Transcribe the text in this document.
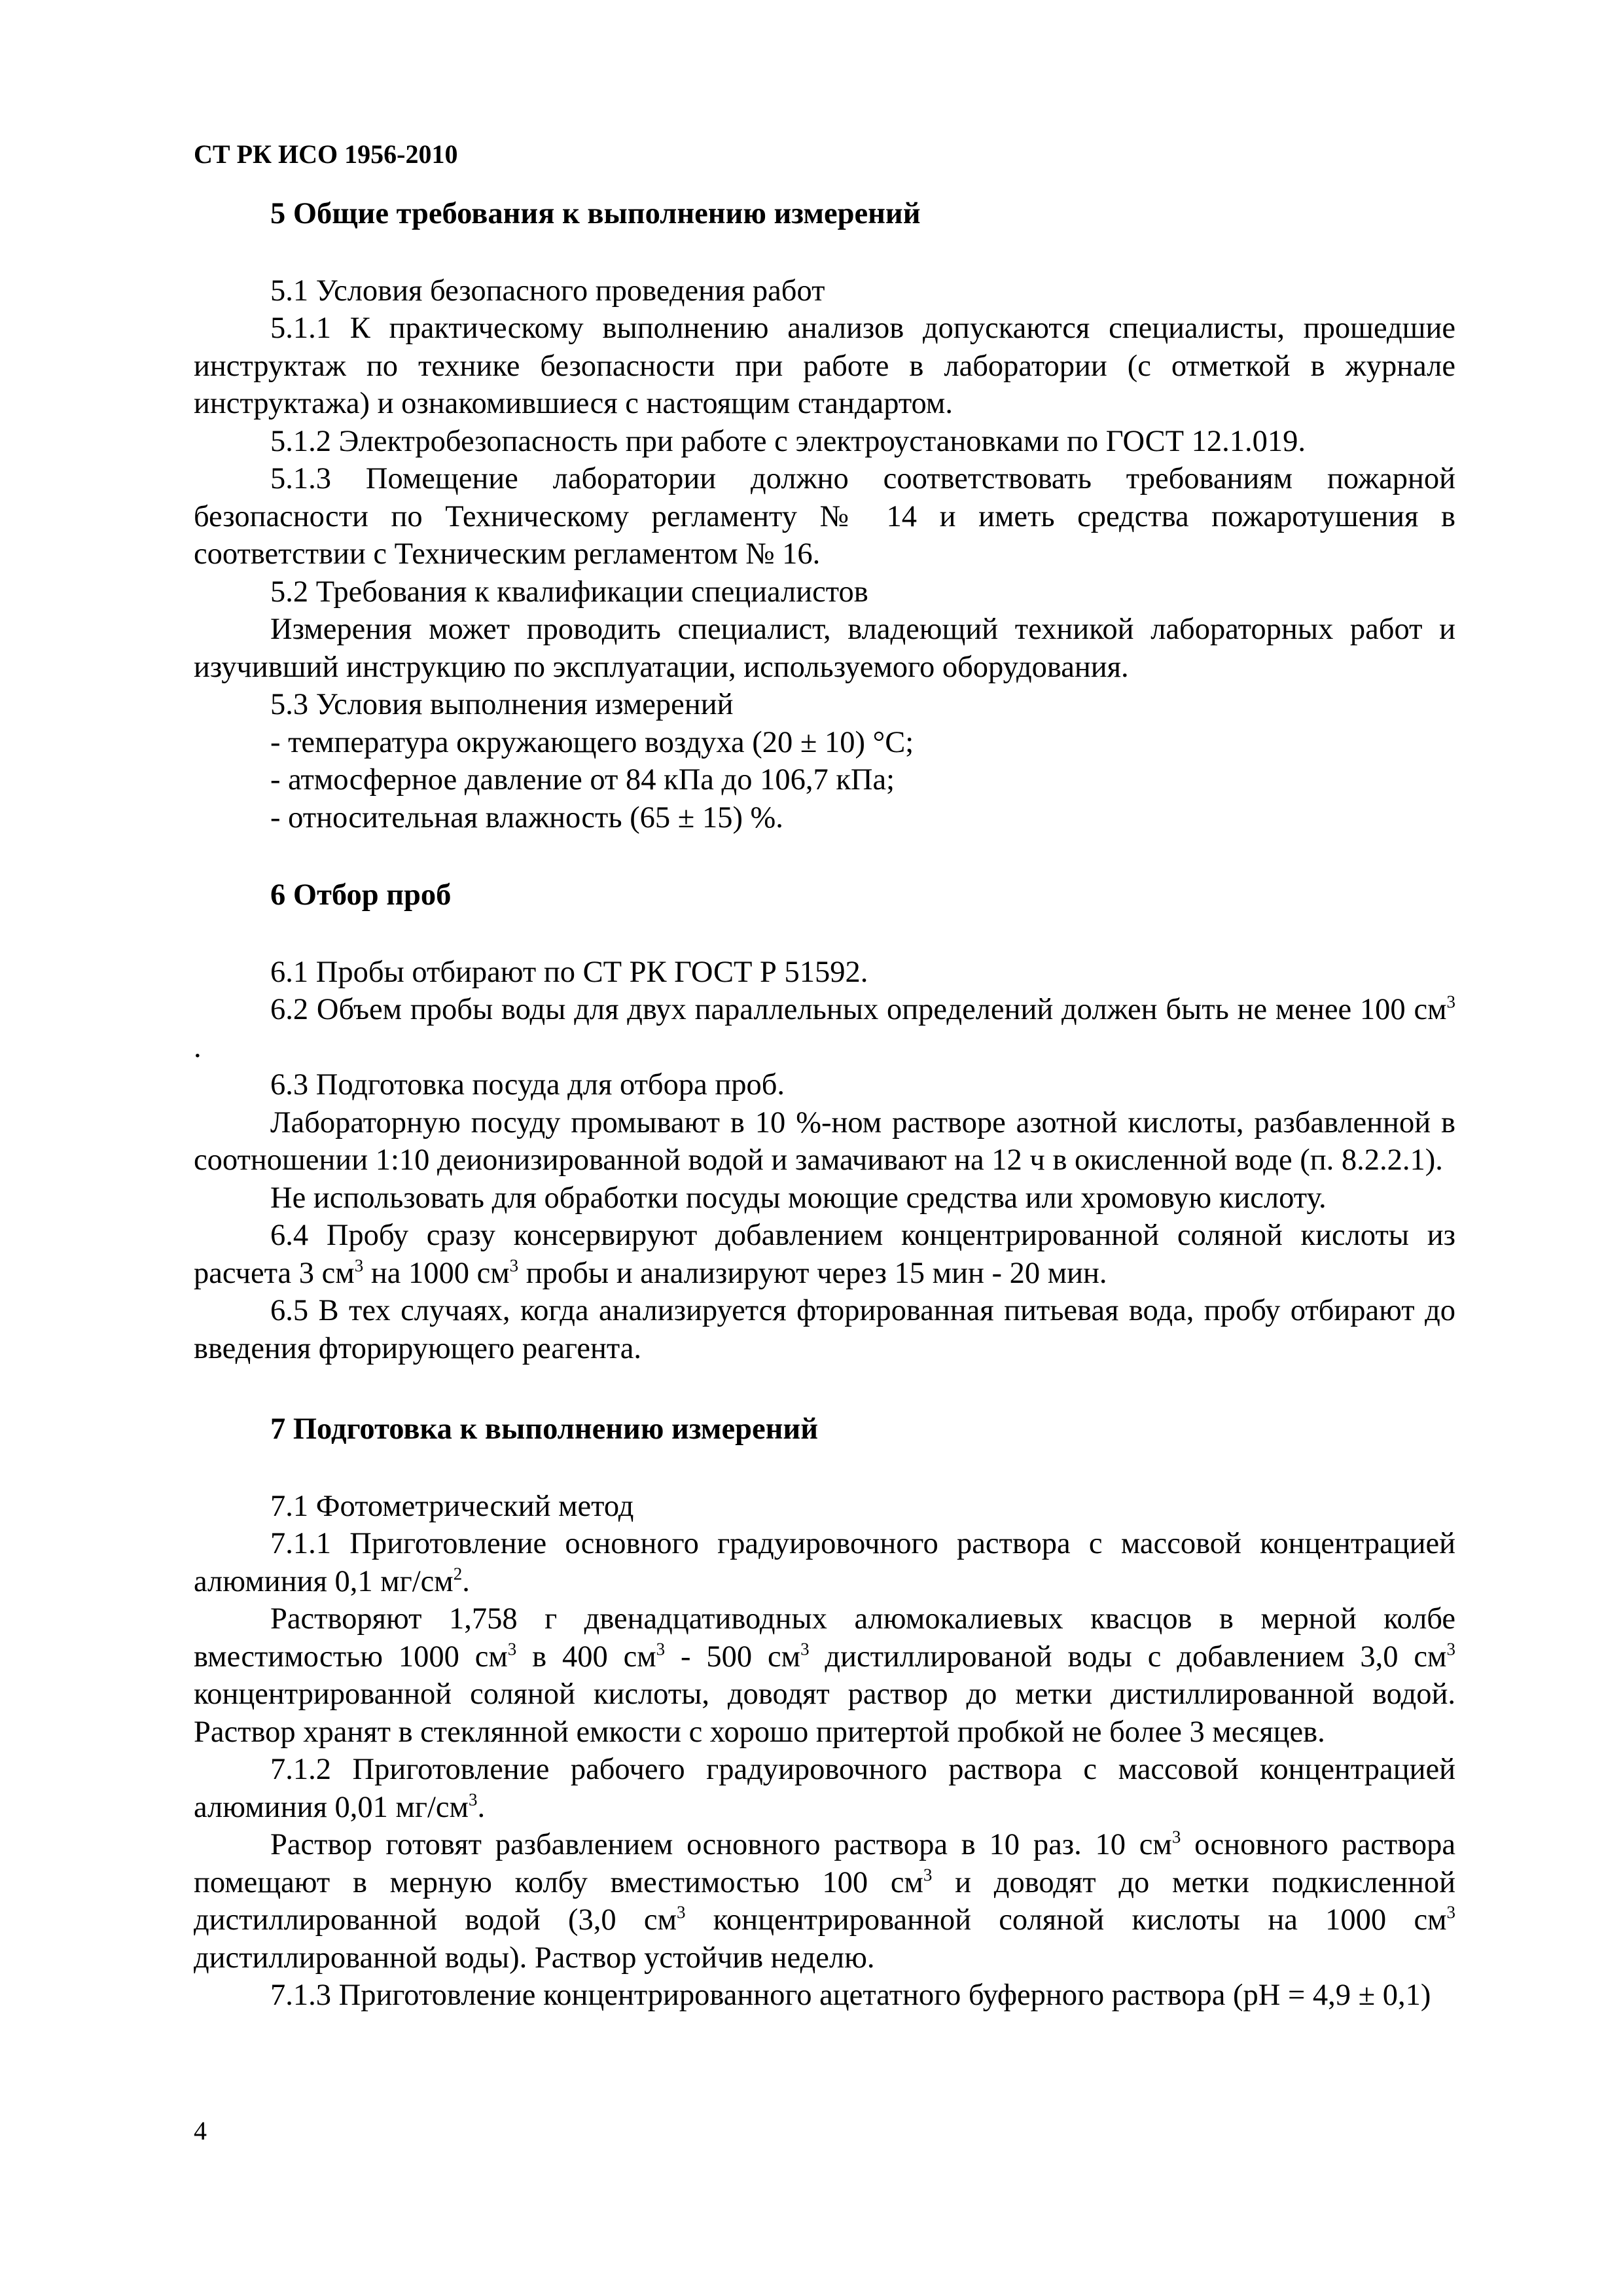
СТ РК ИСО 1956-2010
5 Общие требования к выполнению измерений
5.1 Условия безопасного проведения работ
5.1.1 К практическому выполнению анализов допускаются специалисты, прошедшие инструктаж по технике безопасности при работе в лаборатории (с отметкой в журнале инструктажа) и ознакомившиеся с настоящим стандартом.
5.1.2 Электробезопасность при работе с электроустановками по ГОСТ 12.1.019.
5.1.3 Помещение лаборатории должно соответствовать требованиям пожарной безопасности по Техническому регламенту № 14 и иметь средства пожаротушения в соответствии с Техническим регламентом № 16.
5.2 Требования к квалификации специалистов
Измерения может проводить специалист, владеющий техникой лабораторных работ и изучивший инструкцию по эксплуатации, используемого оборудования.
5.3 Условия выполнения измерений
- температура окружающего воздуха (20 ± 10) °С;
- атмосферное давление от 84 кПа до 106,7 кПа;
- относительная влажность (65 ± 15) %.
6 Отбор проб
6.1 Пробы отбирают по СТ РК ГОСТ Р 51592.
6.2 Объем пробы воды для двух параллельных определений должен быть не менее 100 $см^3$ .
6.3 Подготовка посуда для отбора проб.
Лабораторную посуду промывают в 10 %-ном растворе азотной кислоты, разбавленной в соотношении 1:10 деионизированной водой и замачивают на 12 ч в окисленной воде (п. 8.2.2.1).
Не использовать для обработки посуды моющие средства или хромовую кислоту.
6.4 Пробу сразу консервируют добавлением концентрированной соляной кислоты из расчета 3 $см^3$ на 1000 $см^3$ пробы и анализируют через 15 мин - 20 мин.
6.5 В тех случаях, когда анализируется фторированная питьевая вода, пробу отбирают до введения фторирующего реагента.
7 Подготовка к выполнению измерений
7.1 Фотометрический метод
7.1.1 Приготовление основного градуировочного раствора с массовой концентрацией алюминия 0,1 $мг/см^2$.
Растворяют 1,758 г двенадцативодных алюмокалиевых квасцов в мерной колбе вместимостью 1000 $см^3$ в 400 $см^3 - 500$ $см^3$ дистиллированой воды с добавлением 3,0 $см^3$ концентрированной соляной кислоты, доводят раствор до метки дистиллированной водой. Раствор хранят в стеклянной емкости с хорошо притертой пробкой не более 3 месяцев.
7.1.2 Приготовление рабочего градуировочного раствора с массовой концентрацией алюминия 0,01 $мг/см^3$.
Раствор готовят разбавлением основного раствора в 10 раз. 10 $см^3$ основного раствора помещают в мерную колбу вместимостью 100 $см^3$ и доводят до метки подкисленной дистиллированной водой (3,0 $см^3$ концентрированной соляной кислоты на 1000 $см^3$ дистиллированной воды). Раствор устойчив неделю.
7.1.3 Приготовление концентрированного ацетатного буферного раствора (рН = 4,9 ± 0,1)
4
